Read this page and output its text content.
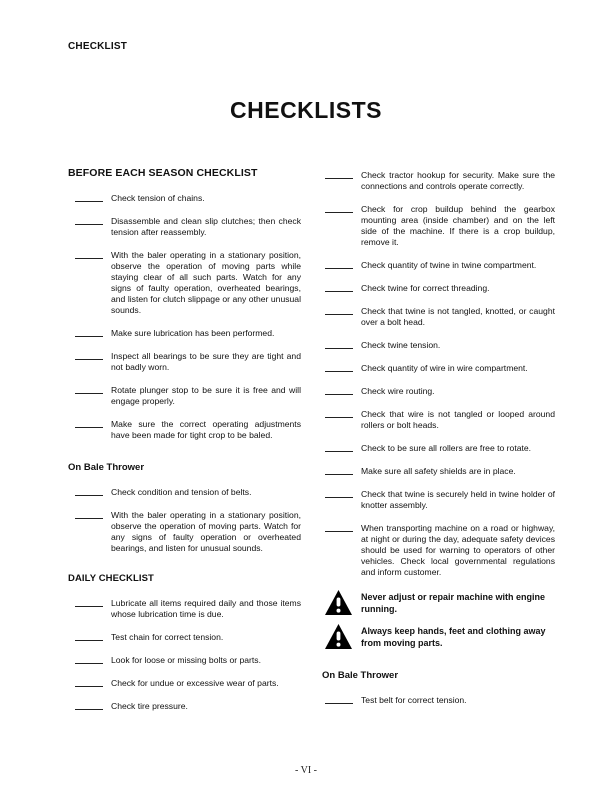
CHECKLIST
CHECKLISTS
BEFORE EACH SEASON CHECKLIST
Check tension of chains.
Disassemble and clean slip clutches; then check tension after reassembly.
With the baler operating in a stationary position, observe the operation of moving parts while staying clear of all such parts. Watch for any signs of faulty operation, overheated bearings, and listen for clutch slippage or any other unusual sounds.
Make sure lubrication has been performed.
Inspect all bearings to be sure they are tight and not badly worn.
Rotate plunger stop to be sure it is free and will engage properly.
Make sure the correct operating adjustments have been made for tight crop to be baled.
On Bale Thrower
Check condition and tension of belts.
With the baler operating in a stationary position, observe the operation of moving parts. Watch for any signs of faulty operation or overheated bearings, and listen for unusual sounds.
DAILY CHECKLIST
Lubricate all items required daily and those items whose lubrication time is due.
Test chain for correct tension.
Look for loose or missing bolts or parts.
Check for undue or excessive wear of parts.
Check tire pressure.
Check tractor hookup for security. Make sure the connections and controls operate correctly.
Check for crop buildup behind the gearbox mounting area (inside chamber) and on the left side of the machine. If there is a crop buildup, remove it.
Check quantity of twine in twine compartment.
Check twine for correct threading.
Check that twine is not tangled, knotted, or caught over a bolt head.
Check twine tension.
Check quantity of wire in wire compartment.
Check wire routing.
Check that wire is not tangled or looped around rollers or bolt heads.
Check to be sure all rollers are free to rotate.
Make sure all safety shields are in place.
Check that twine is securely held in twine holder of knotter assembly.
When transporting machine on a road or highway, at night or during the day, adequate safety devices should be used for warning to operators of other vehicles. Check local governmental regulations and inform customer.
Never adjust or repair machine with engine running.
Always keep hands, feet and clothing away from moving parts.
On Bale Thrower
Test belt for correct tension.
- VI -
